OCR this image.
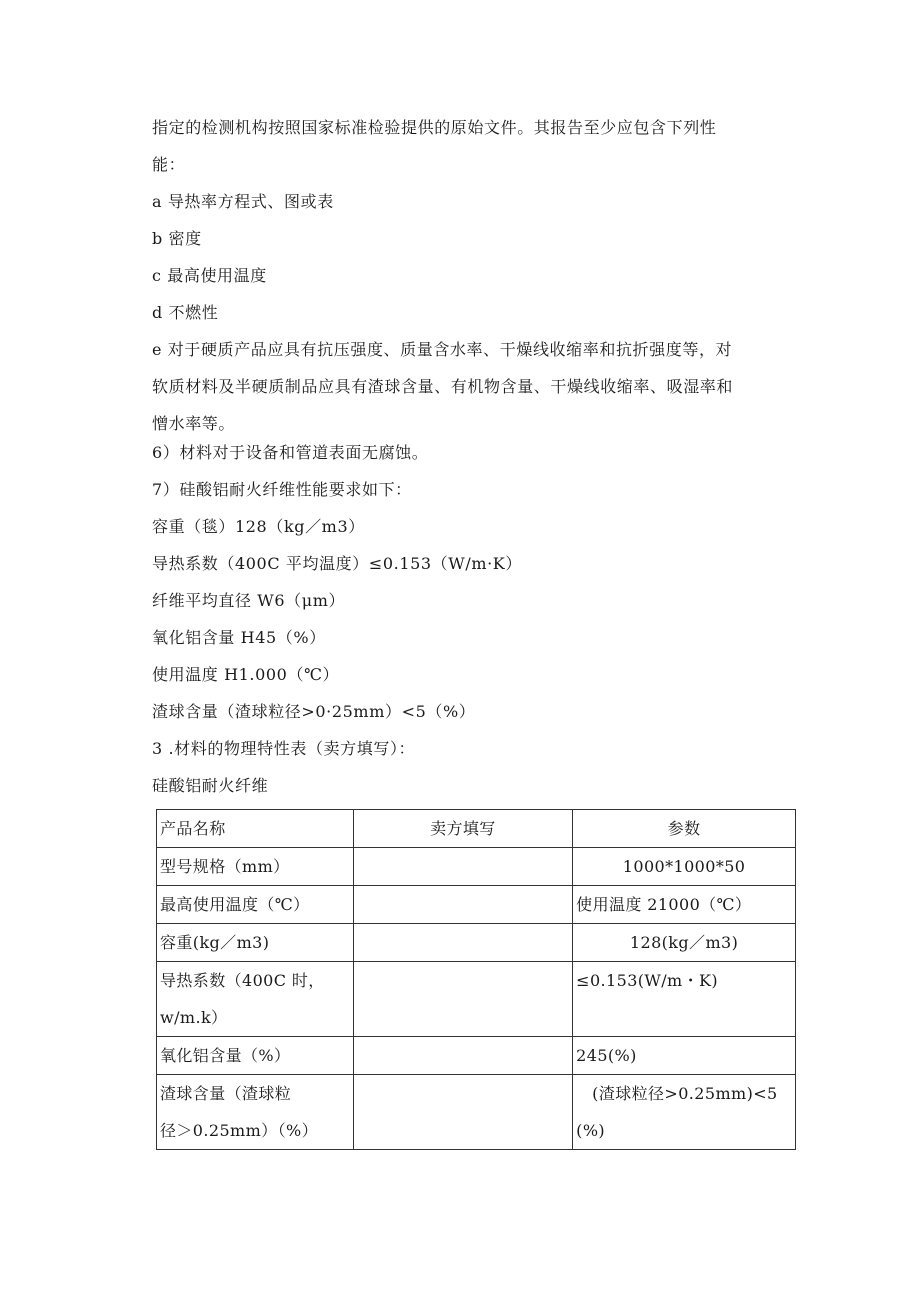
指定的检测机构按照国家标准检验提供的原始文件。其报告至少应包含下列性
能：
a 导热率方程式、图或表
b 密度
c 最高使用温度
d 不燃性
e 对于硬质产品应具有抗压强度、质量含水率、干燥线收缩率和抗折强度等，对
软质材料及半硬质制品应具有渣球含量、有机物含量、干燥线收缩率、吸湿率和
憎水率等。
6）材料对于设备和管道表面无腐蚀。
7）硅酸铝耐火纤维性能要求如下：
容重（毯）128（kg／m3）
导热系数（400C 平均温度）≤0.153（W/m·K）
纤维平均直径 W6（μm）
氧化铝含量 H45（%）
使用温度 H1.000（℃）
渣球含量（渣球粒径>0·25mm）<5（%）
3 .材料的物理特性表（卖方填写）：
硅酸铝耐火纤维
产品名称	卖方填写	参数
型号规格（mm）		1000*1000*50
最高使用温度（℃）		使用温度 21000（℃）
容重(kg／m3)		128(kg／m3)

导热系数（400C 时，
w/m.k）		≤0.153(W/m・K)
氧化铝含量（%）		245(%)

渣球含量（渣球粒
径＞0.25mm）（%）		(渣球粒径>0.25mm)<5
(%)
